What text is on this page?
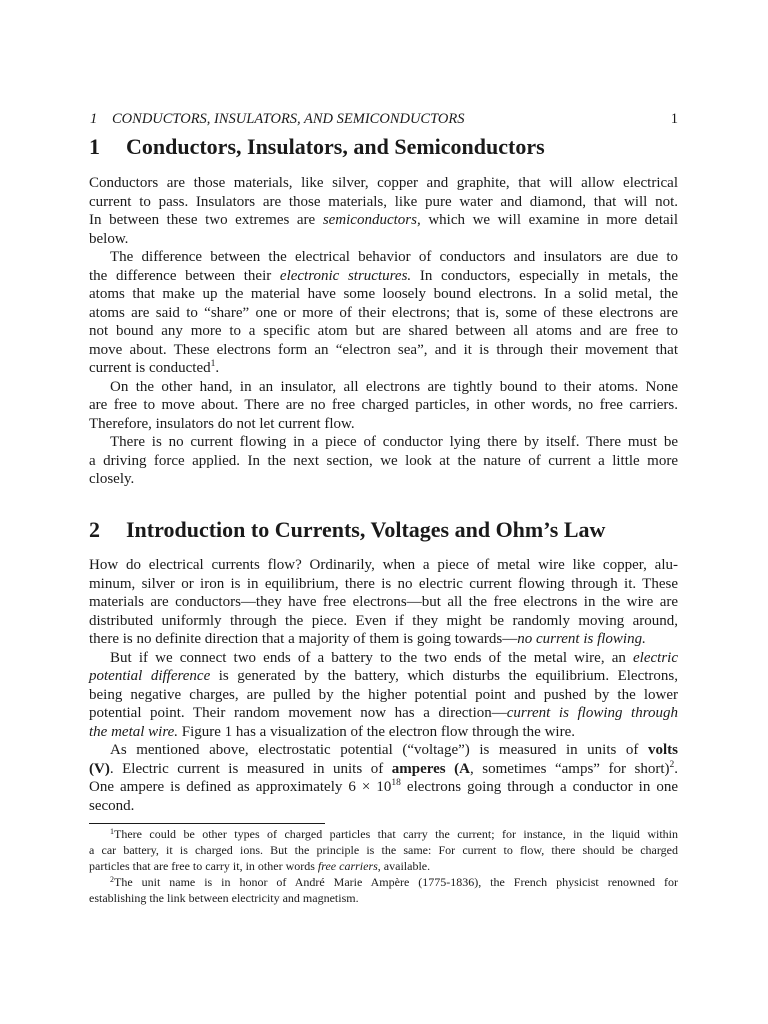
1 CONDUCTORS, INSULATORS, AND SEMICONDUCTORS	1
1 Conductors, Insulators, and Semiconductors
Conductors are those materials, like silver, copper and graphite, that will allow electrical
current to pass. Insulators are those materials, like pure water and diamond, that will not.
In between these two extremes are semiconductors, which we will examine in more detail
below.
The difference between the electrical behavior of conductors and insulators are due to
the difference between their electronic structures. In conductors, especially in metals, the
atoms that make up the material have some loosely bound electrons. In a solid metal, the
atoms are said to “share” one or more of their electrons; that is, some of these electrons are
not bound any more to a specific atom but are shared between all atoms and are free to
move about. These electrons form an “electron sea”, and it is through their movement that
current is conducted$^1$.
On the other hand, in an insulator, all electrons are tightly bound to their atoms. None
are free to move about. There are no free charged particles, in other words, no free carriers.
Therefore, insulators do not let current flow.
There is no current flowing in a piece of conductor lying there by itself. There must be
a driving force applied. In the next section, we look at the nature of current a little more
closely.
2 Introduction to Currents, Voltages and Ohm’s Law
How do electrical currents flow? Ordinarily, when a piece of metal wire like copper, alu-
minum, silver or iron is in equilibrium, there is no electric current flowing through it. These
materials are conductors—they have free electrons—but all the free electrons in the wire are
distributed uniformly through the piece. Even if they might be randomly moving around,
there is no definite direction that a majority of them is going towards—no current is flowing.
But if we connect two ends of a battery to the two ends of the metal wire, an electric
potential difference is generated by the battery, which disturbs the equilibrium. Electrons,
being negative charges, are pulled by the higher potential point and pushed by the lower
potential point. Their random movement now has a direction—current is flowing through
the metal wire. Figure 1 has a visualization of the electron flow through the wire.
As mentioned above, electrostatic potential (“voltage”) is measured in units of volts
(V). Electric current is measured in units of amperes (A, sometimes “amps” for short)$^2$.
One ampere is defined as approximately $6 \times 10^{18}$ electrons going through a conductor in one
second.
$^1$There could be other types of charged particles that carry the current; for instance, in the liquid within
a car battery, it is charged ions. But the principle is the same: For current to flow, there should be charged
particles that are free to carry it, in other words free carriers, available.
$^2$The unit name is in honor of André Marie Ampère (1775-1836), the French physicist renowned for
establishing the link between electricity and magnetism.
